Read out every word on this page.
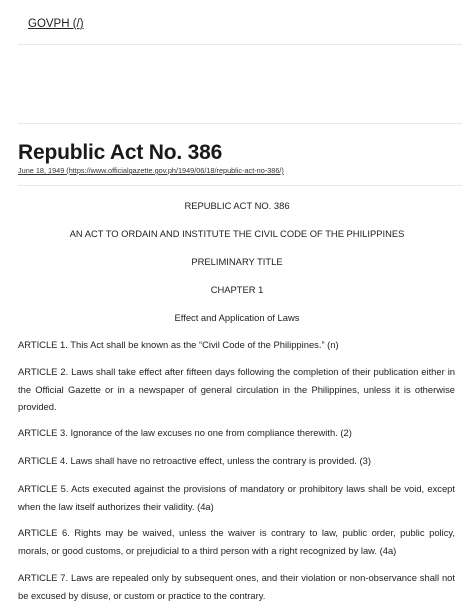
GOVPH (/)
Republic Act No. 386
June 18, 1949 (https://www.officialgazette.gov.ph/1949/06/18/republic-act-no-386/)
REPUBLIC ACT NO. 386
AN ACT TO ORDAIN AND INSTITUTE THE CIVIL CODE OF THE PHILIPPINES
PRELIMINARY TITLE
CHAPTER 1
Effect and Application of Laws

ARTICLE 1. This Act shall be known as the “Civil Code of the Philippines.” (n)

ARTICLE 2. Laws shall take effect after fifteen days following the completion of their publication either in the Official Gazette or in a newspaper of general circulation in the Philippines, unless it is otherwise provided.

ARTICLE 3. Ignorance of the law excuses no one from compliance therewith. (2)

ARTICLE 4. Laws shall have no retroactive effect, unless the contrary is provided. (3)

ARTICLE 5. Acts executed against the provisions of mandatory or prohibitory laws shall be void, except when the law itself authorizes their validity. (4a)

ARTICLE 6. Rights may be waived, unless the waiver is contrary to law, public order, public policy, morals, or good customs, or prejudicial to a third person with a right recognized by law. (4a)

ARTICLE 7. Laws are repealed only by subsequent ones, and their violation or non-observance shall not be excused by disuse, or custom or practice to the contrary.
